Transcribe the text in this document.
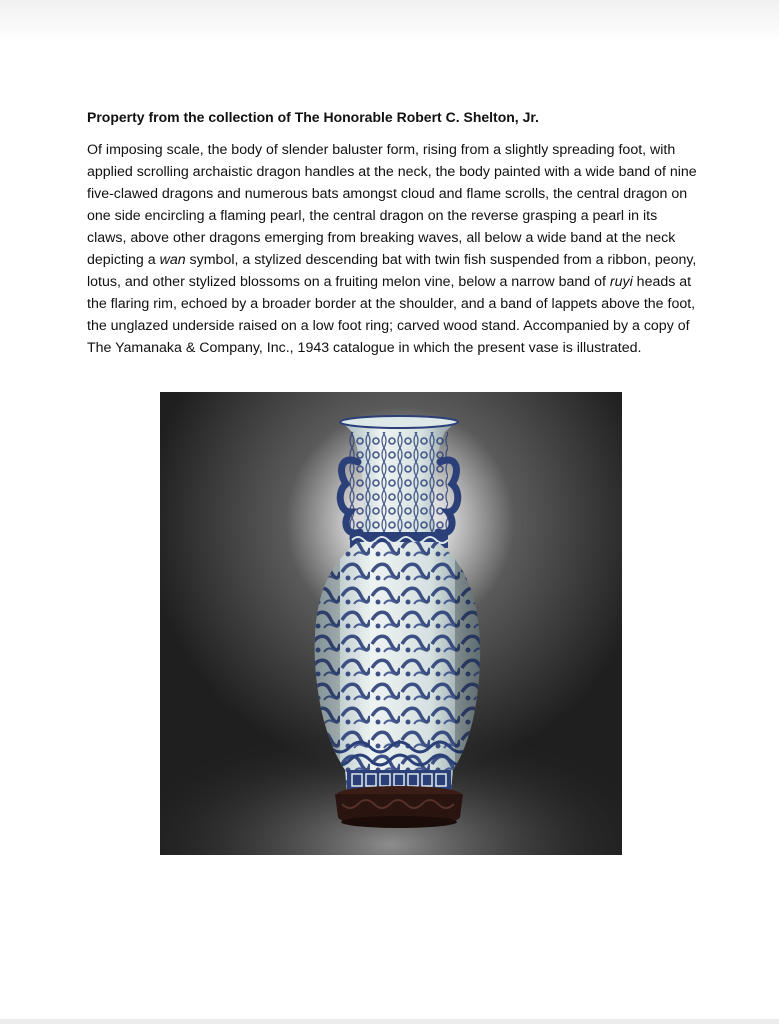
Property from the collection of The Honorable Robert C. Shelton, Jr.

Of imposing scale, the body of slender baluster form, rising from a slightly spreading foot, with applied scrolling archaistic dragon handles at the neck, the body painted with a wide band of nine five-clawed dragons and numerous bats amongst cloud and flame scrolls, the central dragon on one side encircling a flaming pearl, the central dragon on the reverse grasping a pearl in its claws, above other dragons emerging from breaking waves, all below a wide band at the neck depicting a wan symbol, a stylized descending bat with twin fish suspended from a ribbon, peony, lotus, and other stylized blossoms on a fruiting melon vine, below a narrow band of ruyi heads at the flaring rim, echoed by a broader border at the shoulder, and a band of lappets above the foot, the unglazed underside raised on a low foot ring; carved wood stand. Accompanied by a copy of The Yamanaka & Company, Inc., 1943 catalogue in which the present vase is illustrated.
